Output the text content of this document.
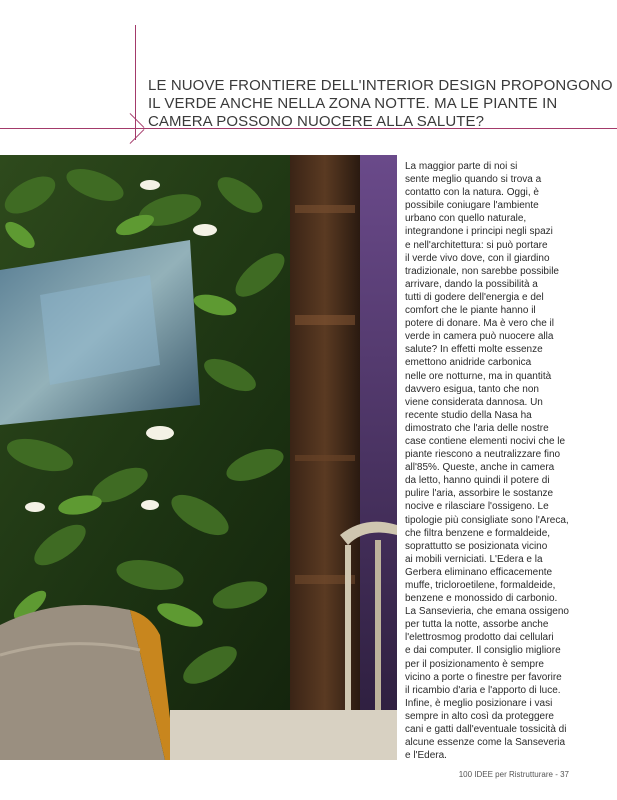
LE NUOVE FRONTIERE DELL'INTERIOR DESIGN PROPONGONO
IL VERDE ANCHE NELLA ZONA NOTTE. MA LE PIANTE IN
CAMERA POSSONO NUOCERE ALLA SALUTE?
La maggior parte di noi si
sente meglio quando si trova a
contatto con la natura. Oggi, è
possibile coniugare l'ambiente
urbano con quello naturale,
integrandone i principi negli spazi
e nell'architettura: si può portare
il verde vivo dove, con il giardino
tradizionale, non sarebbe possibile
arrivare, dando la possibilità a
tutti di godere dell'energia e del
comfort che le piante hanno il
potere di donare. Ma è vero che il
verde in camera può nuocere alla
salute? In effetti molte essenze
emettono anidride carbonica
nelle ore notturne, ma in quantità
davvero esigua, tanto che non
viene considerata dannosa. Un
recente studio della Nasa ha
dimostrato che l'aria delle nostre
case contiene elementi nocivi che le
piante riescono a neutralizzare fino
all'85%. Queste, anche in camera
da letto, hanno quindi il potere di
pulire l'aria, assorbire le sostanze
nocive e rilasciare l'ossigeno. Le
tipologie più consigliate sono l'Areca,
che filtra benzene e formaldeide,
soprattutto se posizionata vicino
ai mobili verniciati. L'Edera e la
Gerbera eliminano efficacemente
muffe, tricloroetilene, formaldeide,
benzene e monossido di carbonio.
La Sansevieria, che emana ossigeno
per tutta la notte, assorbe anche
l'elettrosmog prodotto dai cellulari
e dai computer. Il consiglio migliore
per il posizionamento è sempre
vicino a porte o finestre per favorire
il ricambio d'aria e l'apporto di luce.
Infine, è meglio posizionare i vasi
sempre in alto così da proteggere
cani e gatti dall'eventuale tossicità di
alcune essenze come la Sanseveria
e l'Edera.
100 IDEE per Ristrutturare - 37
